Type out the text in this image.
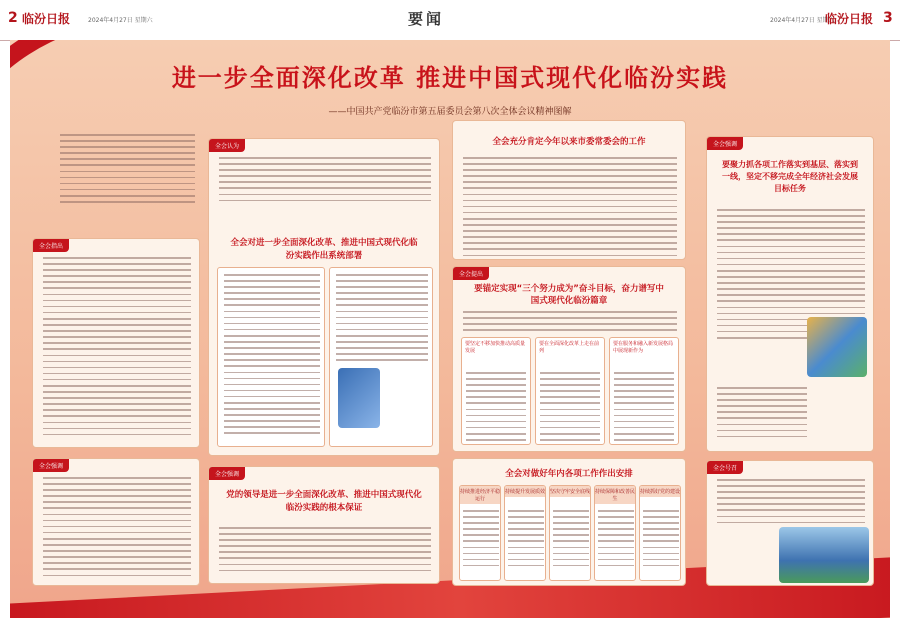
2 临汾日报	2024年4月27日 星期六	要闻	2024年4月27日 星期六
临汾日报 3
进一步全面深化改革 推进中国式现代化临汾实践
——中国共产党临汾市第五届委员会第八次全体会议精神图解
全会指出
全会强调
全会认为
全会对进一步全面深化改革、推进中国式现代化临汾实践作出系统部署
全会强调
党的领导是进一步全面深化改革、推进中国式现代化临汾实践的根本保证
全会充分肯定今年以来市委常委会的工作
全会提出
要锚定实现“三个努力成为”奋斗目标，奋力谱写中国式现代化临汾篇章
要坚定不移加快推动高质量发展
要在全面深化改革上走在前列
要在服务和融入新发展格局中展现新作为
全会对做好年内各项工作作出安排
持续推进经济平稳运行
持续提升发展质效 坚决守牢安全底线 持续保障和改善民生
持续抓好党的建设
全会强调
要聚力抓各项工作落实到基层、落实到一线，坚定不移完成全年经济社会发展目标任务
全会号召
